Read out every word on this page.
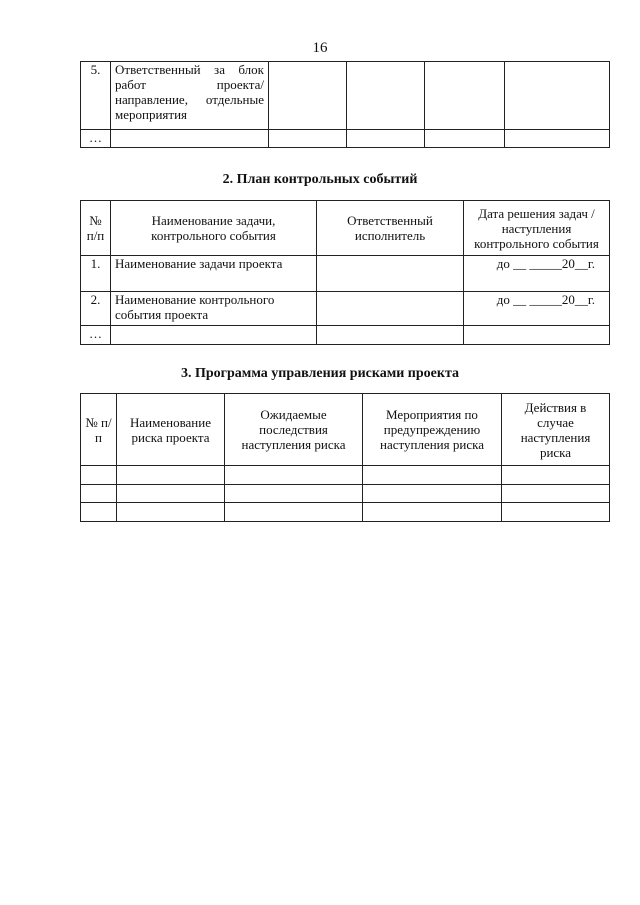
16
5.	Ответственный за блок работ проекта/ направление, отдельные мероприятия				
…					
2. План контрольных событий
№ п/п	Наименование задачи, контрольного события	Ответственный исполнитель	Дата решения задач / наступления контрольного события
1.	Наименование задачи проекта		до __ _____20__г.
2.	Наименование контрольного события проекта		до __ _____20__г.
…			
3. Программа управления рисками проекта
№ п/п	Наименование риска проекта	Ожидаемые последствия наступления риска	Мероприятия по предупреждению наступления риска	Действия в случае наступления риска
